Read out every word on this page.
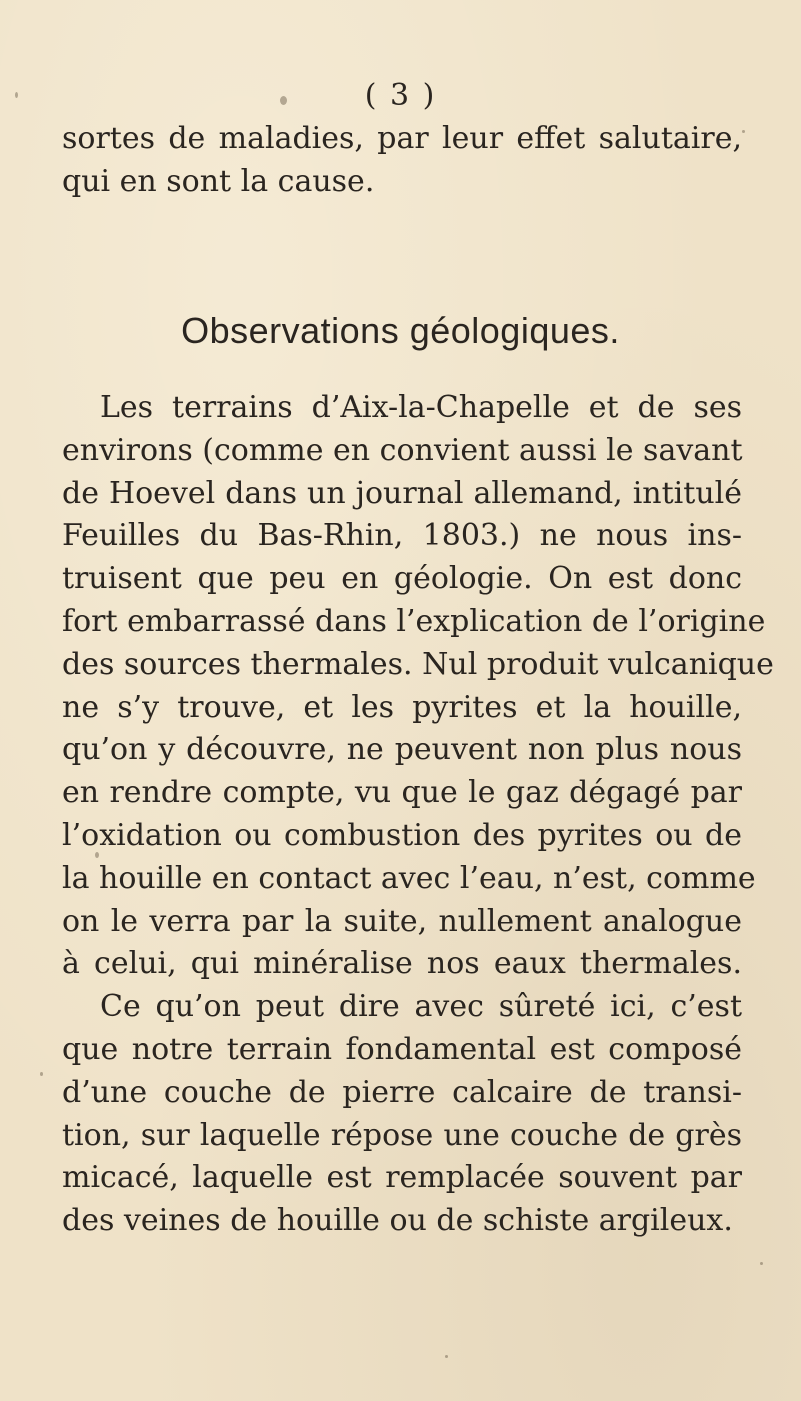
( 3 )
sortes de maladies, par leur effet salutaire,
qui en sont la cause.
Observations géologiques.
Les terrains d’Aix-la-Chapelle et de ses
environs (comme en convient aussi le savant
de Hoevel dans un journal allemand, intitulé
Feuilles du Bas-Rhin, 1803.) ne nous ins-
truisent que peu en géologie. On est donc
fort embarrassé dans l’explication de l’origine
des sources thermales. Nul produit vulcanique
ne s’y trouve, et les pyrites et la houille,
qu’on y découvre, ne peuvent non plus nous
en rendre compte, vu que le gaz dégagé par
l’oxidation ou combustion des pyrites ou de
la houille en contact avec l’eau, n’est, comme
on le verra par la suite, nullement analogue
à celui, qui minéralise nos eaux thermales.
Ce qu’on peut dire avec sûreté ici, c’est
que notre terrain fondamental est composé
d’une couche de pierre calcaire de transi-
tion, sur laquelle répose une couche de grès
micacé, laquelle est remplacée souvent par
des veines de houille ou de schiste argileux.
